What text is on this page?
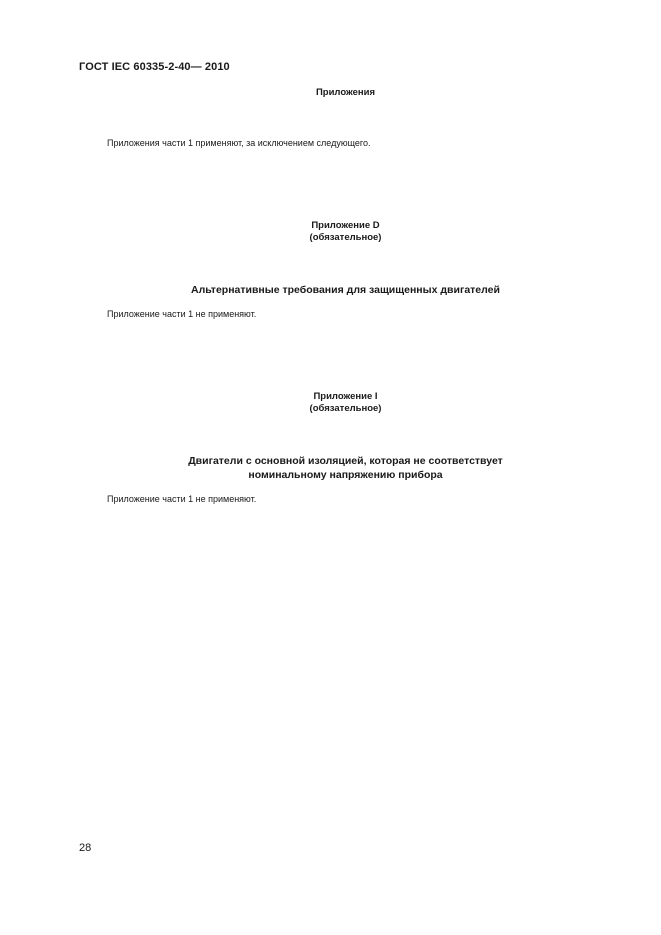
ГОСТ IEC 60335-2-40— 2010
Приложения
Приложения части 1 применяют, за исключением следующего.
Приложение D
(обязательное)
Альтернативные требования для защищенных двигателей
Приложение части 1 не применяют.
Приложение I
(обязательное)
Двигатели с основной изоляцией, которая не соответствует
номинальному напряжению прибора
Приложение части 1 не применяют.
28
